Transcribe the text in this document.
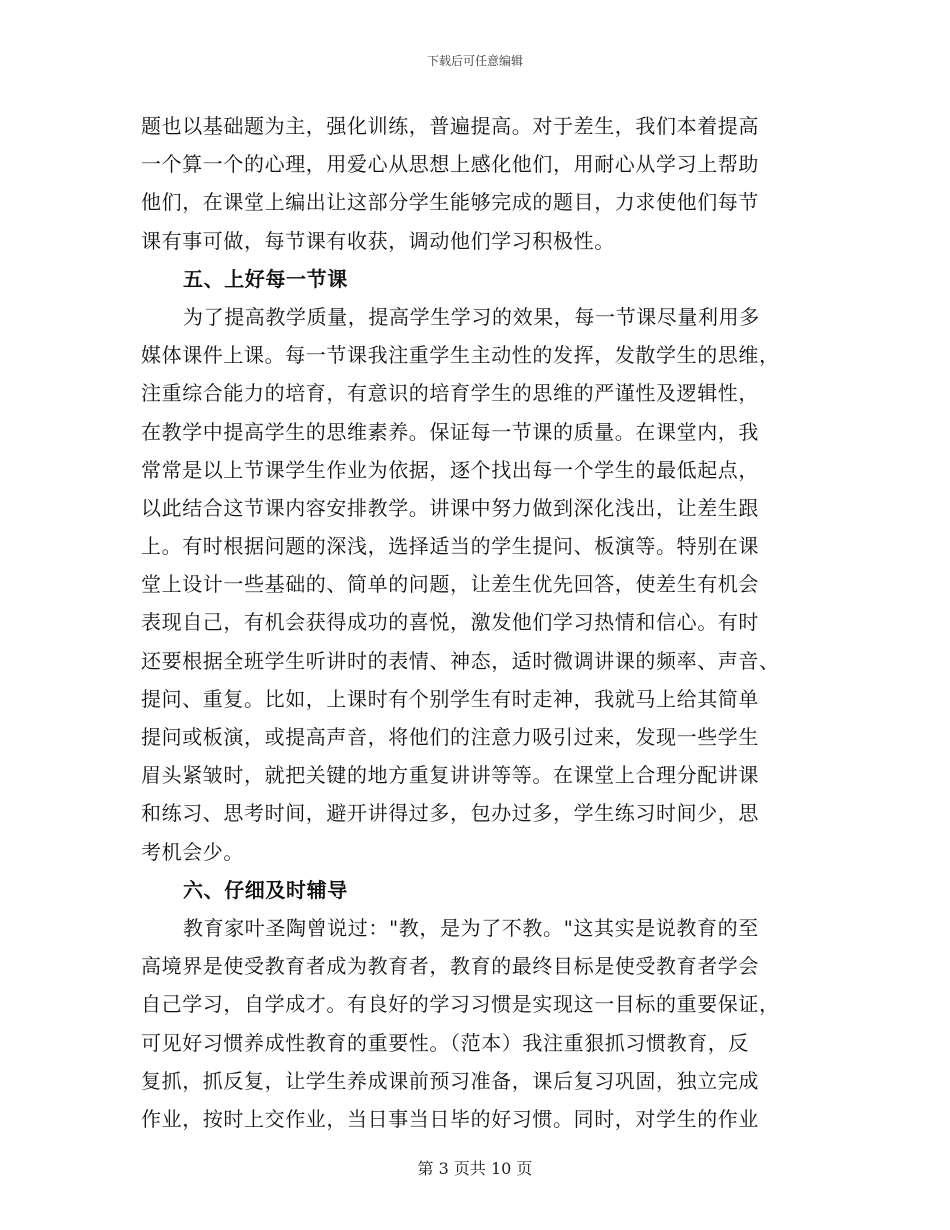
下载后可任意编辑
题也以基础题为主，强化训练，普遍提高。对于差生，我们本着提高
一个算一个的心理，用爱心从思想上感化他们，用耐心从学习上帮助
他们，在课堂上编出让这部分学生能够完成的题目，力求使他们每节
课有事可做，每节课有收获，调动他们学习积极性。
五、上好每一节课
为了提高教学质量，提高学生学习的效果，每一节课尽量利用多
媒体课件上课。每一节课我注重学生主动性的发挥，发散学生的思维，
注重综合能力的培育，有意识的培育学生的思维的严谨性及逻辑性，
在教学中提高学生的思维素养。保证每一节课的质量。在课堂内，我
常常是以上节课学生作业为依据，逐个找出每一个学生的最低起点，
以此结合这节课内容安排教学。讲课中努力做到深化浅出，让差生跟
上。有时根据问题的深浅，选择适当的学生提问、板演等。特别在课
堂上设计一些基础的、简单的问题，让差生优先回答，使差生有机会
表现自己，有机会获得成功的喜悦，激发他们学习热情和信心。有时
还要根据全班学生听讲时的表情、神态，适时微调讲课的频率、声音、
提问、重复。比如，上课时有个别学生有时走神，我就马上给其简单
提问或板演，或提高声音，将他们的注意力吸引过来，发现一些学生
眉头紧皱时，就把关键的地方重复讲讲等等。在课堂上合理分配讲课
和练习、思考时间，避开讲得过多，包办过多，学生练习时间少，思
考机会少。
六、仔细及时辅导
教育家叶圣陶曾说过："教，是为了不教。"这其实是说教育的至
高境界是使受教育者成为教育者，教育的最终目标是使受教育者学会
自己学习，自学成才。有良好的学习习惯是实现这一目标的重要保证，
可见好习惯养成性教育的重要性。（范本）我注重狠抓习惯教育，反
复抓，抓反复，让学生养成课前预习准备，课后复习巩固，独立完成
作业，按时上交作业，当日事当日毕的好习惯。同时，对学生的作业
第 3 页共 10 页
